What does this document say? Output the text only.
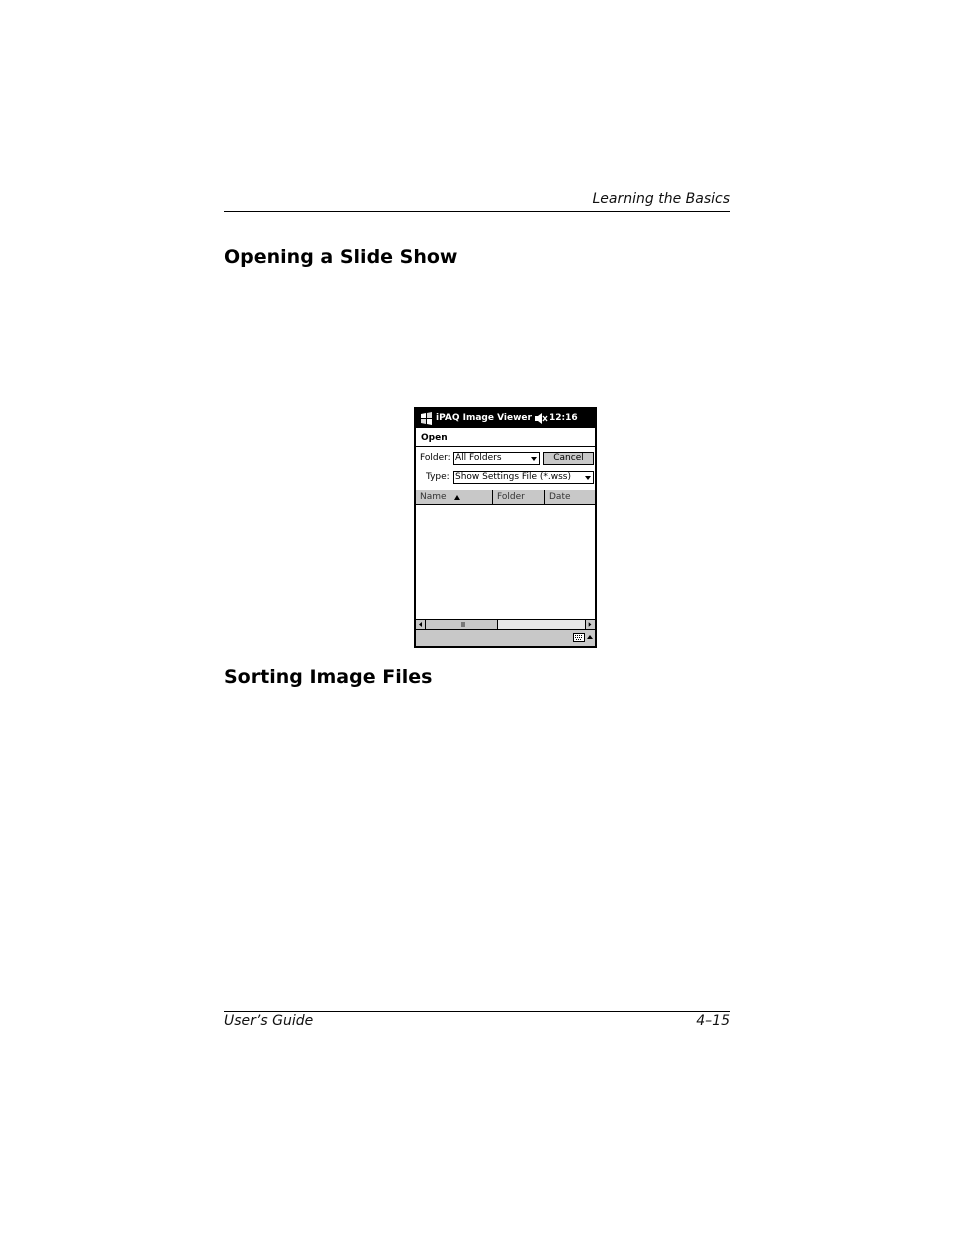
Learning the Basics
Opening a Slide Show
iPAQ Image Viewer 12:16
Open
Folder: All Folders	Cancel
Type: Show Settings File (*.wss)
Name	Folder	Date
Sorting Image Files
User’s Guide	4–15
